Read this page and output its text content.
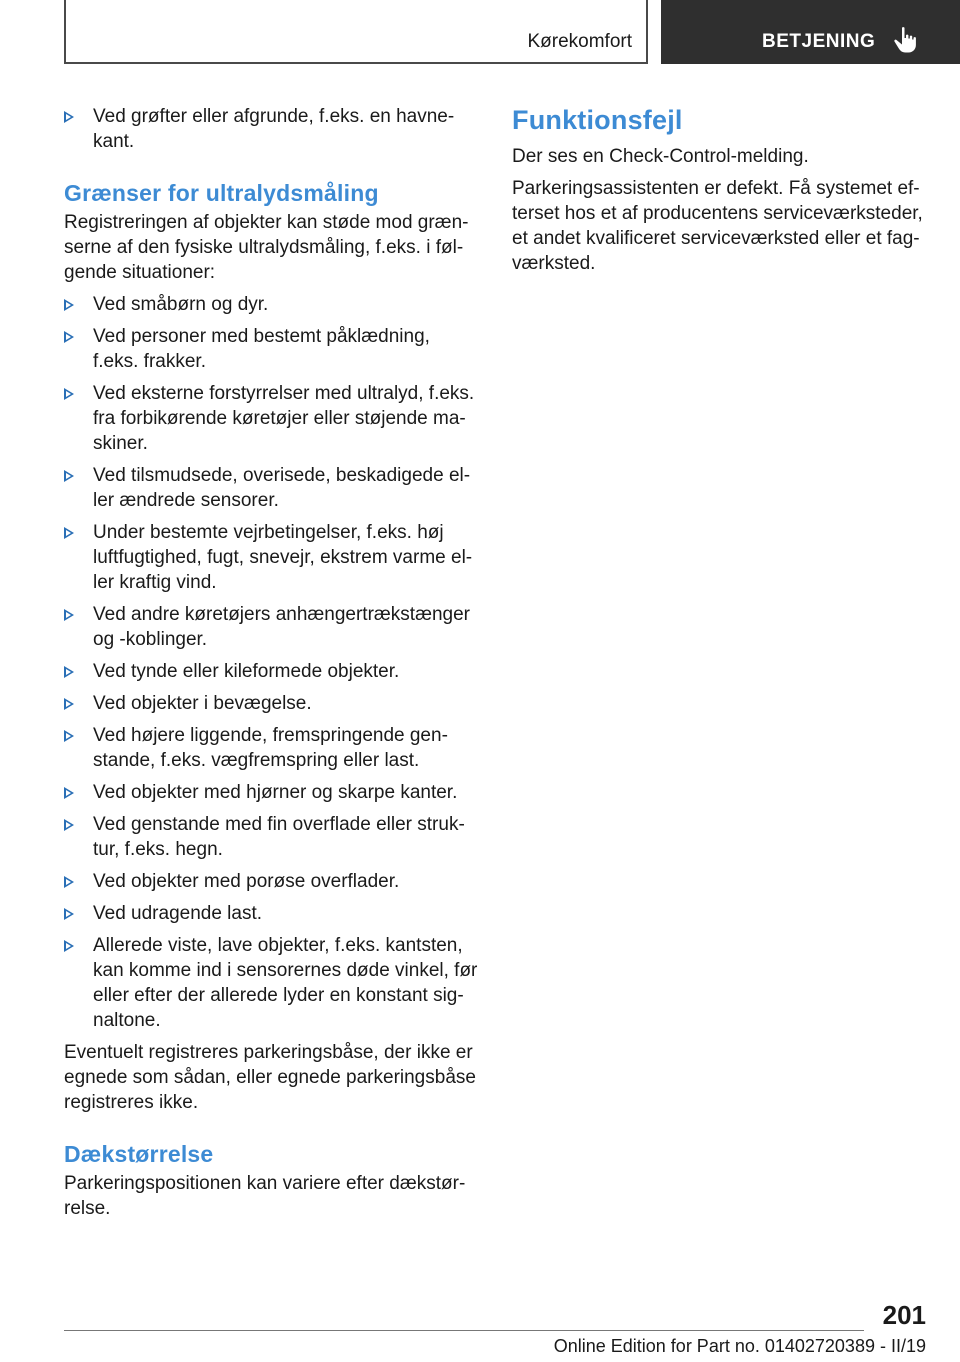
Kørekomfort	BETJENING
Ved grøfter eller afgrunde, f.eks. en havne-kant.
Grænser for ultralydsmåling

Registreringen af objekter kan støde mod græn-serne af den fysiske ultralydsmåling, f.eks. i føl-gende situationer:

Ved småbørn og dyr.
Ved personer med bestemt påklædning, f.eks. frakker.
Ved eksterne forstyrrelser med ultralyd, f.eks. fra forbikørende køretøjer eller støjende ma-skiner.
Ved tilsmudsede, overisede, beskadigede el-ler ændrede sensorer.
Under bestemte vejrbetingelser, f.eks. høj luftfugtighed, fugt, snevejr, ekstrem varme el-ler kraftig vind.
Ved andre køretøjers anhængertrækstænger og -koblinger.
Ved tynde eller kileformede objekter.
Ved objekter i bevægelse.
Ved højere liggende, fremspringende gen-stande, f.eks. vægfremspring eller last.
Ved objekter med hjørner og skarpe kanter.
Ved genstande med fin overflade eller struk-tur, f.eks. hegn.
Ved objekter med porøse overflader.
Ved udragende last.
Allerede viste, lave objekter, f.eks. kantsten, kan komme ind i sensorernes døde vinkel, før eller efter der allerede lyder en konstant sig-naltone.

Eventuelt registreres parkeringsbåse, der ikke er egnede som sådan, eller egnede parkeringsbåse registreres ikke.

Dækstørrelse

Parkeringspositionen kan variere efter dækstør-relse.

Funktionsfejl

Der ses en Check-Control-melding.

Parkeringsassistenten er defekt. Få systemet ef-terset hos et af producentens serviceværksteder, et andet kvalificeret serviceværksted eller et fag-værksted.

201
Online Edition for Part no. 01402720389 - II/19
